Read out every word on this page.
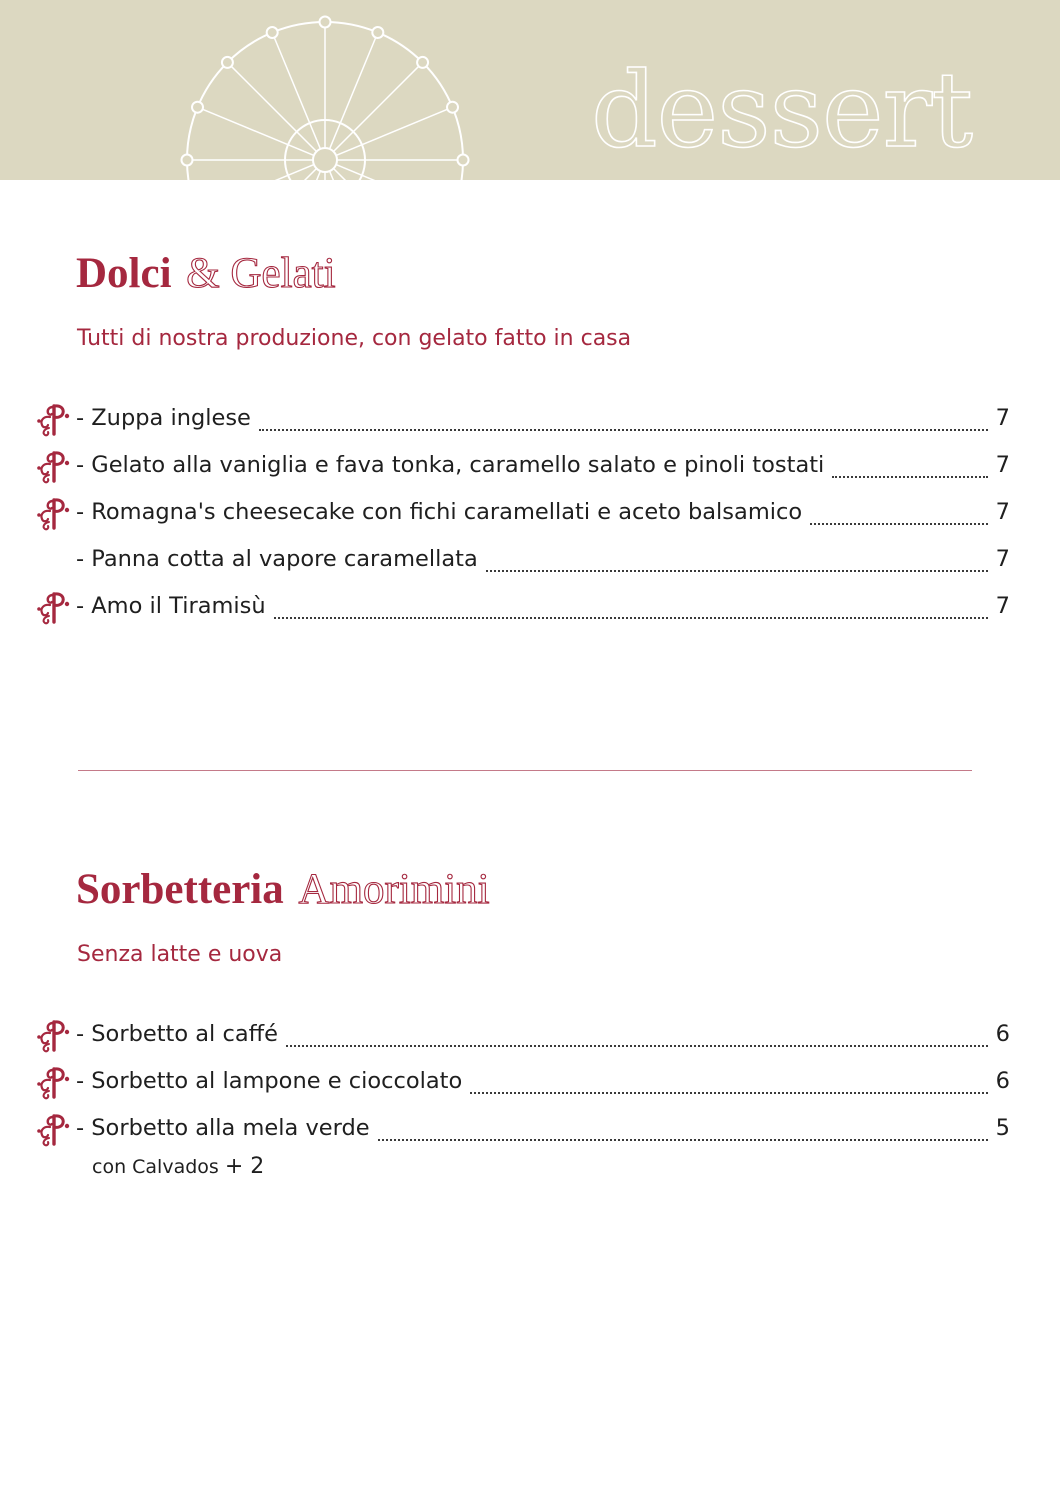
dessert
Dolci & Gelati
Tutti di nostra produzione, con gelato fatto in casa
- Zuppa inglese	7
- Gelato alla vaniglia e fava tonka, caramello salato e pinoli tostati	7
- Romagna's cheesecake con fichi caramellati e aceto balsamico	7
- Panna cotta al vapore caramellata	7
- Amo il Tiramisù	7
Sorbetteria Amorimini
Senza latte e uova
- Sorbetto al caffé	6
- Sorbetto al lampone e cioccolato	6
- Sorbetto alla mela verde	5
con Calvados + 2
